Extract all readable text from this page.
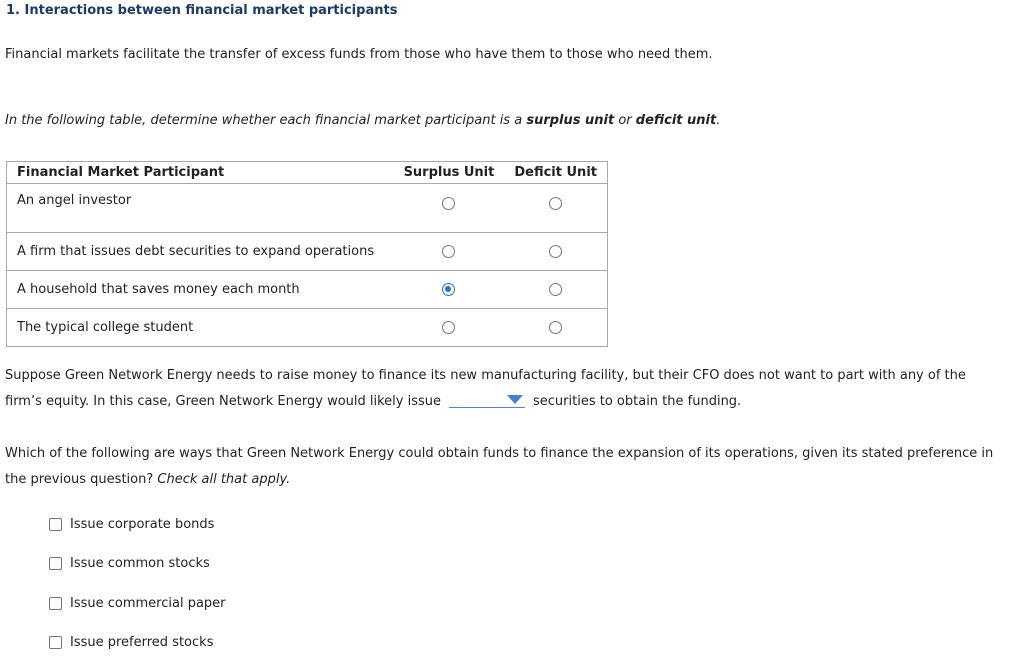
1. Interactions between financial market participants

Financial markets facilitate the transfer of excess funds from those who have them to those who need them.

In the following table, determine whether each financial market participant is a surplus unit or deficit unit.

Financial Market Participant	Surplus Unit	Deficit Unit
An angel investor		
A firm that issues debt securities to expand operations		
A household that saves money each month		
The typical college student		

Suppose Green Network Energy needs to raise money to finance its new manufacturing facility, but their CFO does not want to part with any of the
firm’s equity. In this case, Green Network Energy would likely issue	securities to obtain the funding.

Which of the following are ways that Green Network Energy could obtain funds to finance the expansion of its operations, given its stated preference in the previous question? Check all that apply.

Issue corporate bonds
Issue common stocks
Issue commercial paper
Issue preferred stocks
